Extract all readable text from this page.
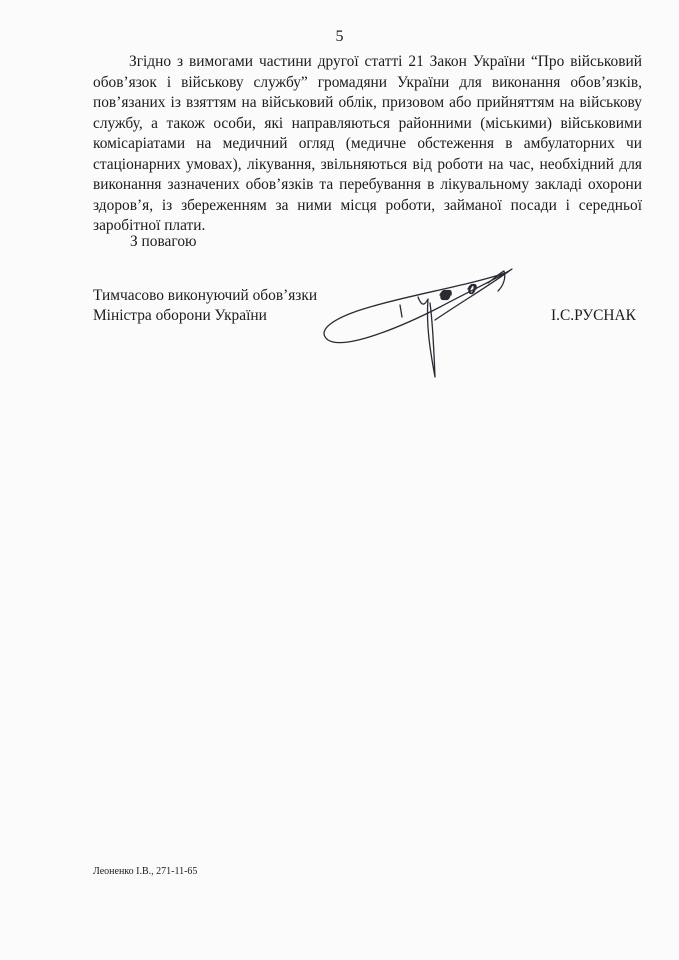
5

Згідно з вимогами частини другої статті 21 Закон України “Про військовий обов’язок і військову службу” громадяни України для виконання обов’язків, пов’язаних із взяттям на військовий облік, призовом або прийняттям на військову службу, а також особи, які направляються районними (міськими) військовими комісаріатами на медичний огляд (медичне обстеження в амбулаторних чи стаціонарних умовах), лікування, звільняються від роботи на час, необхідний для виконання зазначених обов’язків та перебування в лікувальному закладі охорони здоров’я, із збереженням за ними місця роботи, займаної посади і середньої заробітної плати.

З повагою
Тимчасово виконуючий обов’язки
Міністра оборони України	І.С.РУСНАК
Леоненко І.В., 271-11-65
